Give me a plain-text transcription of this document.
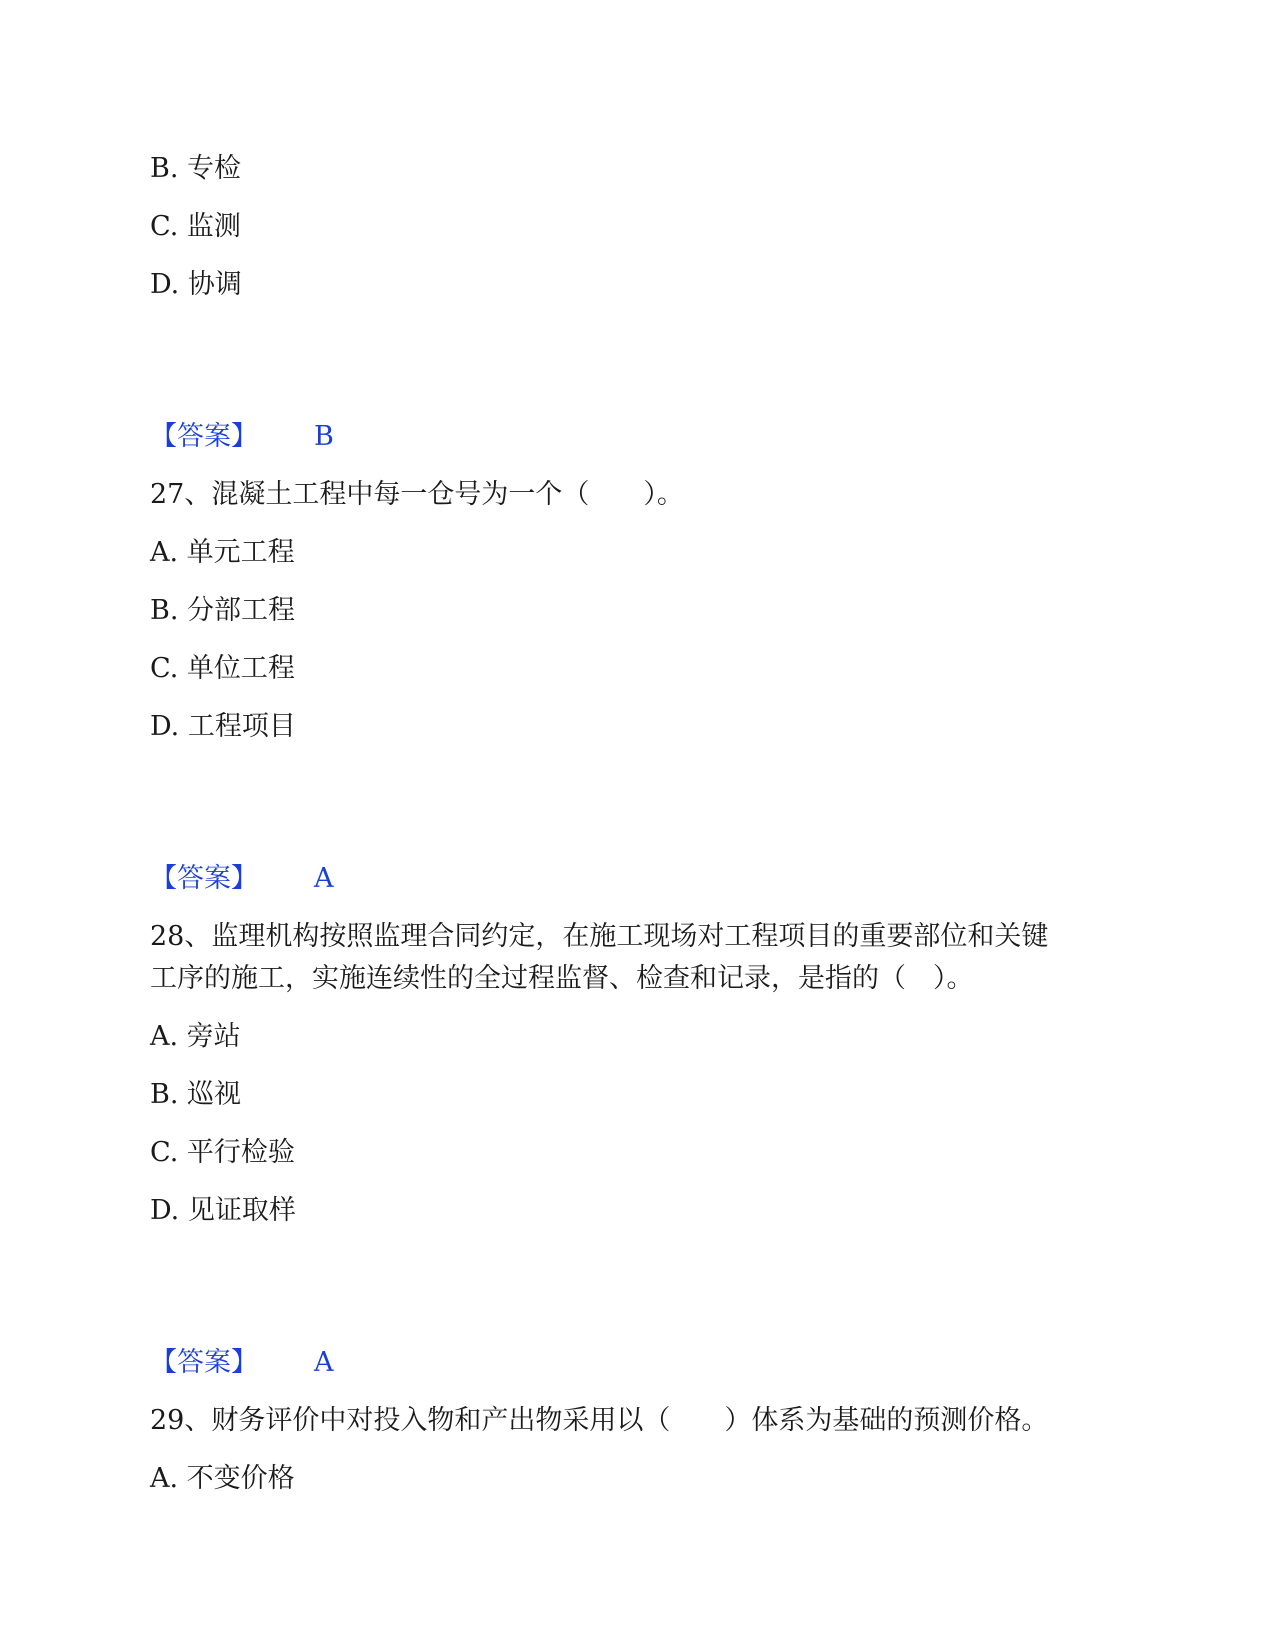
B. 专检
C. 监测
D. 协调
【答案】 B
27、混凝土工程中每一仓号为一个（　　）。
A. 单元工程
B. 分部工程
C. 单位工程
D. 工程项目
【答案】 A
28、监理机构按照监理合同约定，在施工现场对工程项目的重要部位和关键
工序的施工，实施连续性的全过程监督、检查和记录，是指的（　）。
A. 旁站
B. 巡视
C. 平行检验
D. 见证取样
【答案】 A
29、财务评价中对投入物和产出物采用以（　　）体系为基础的预测价格。
A. 不变价格
